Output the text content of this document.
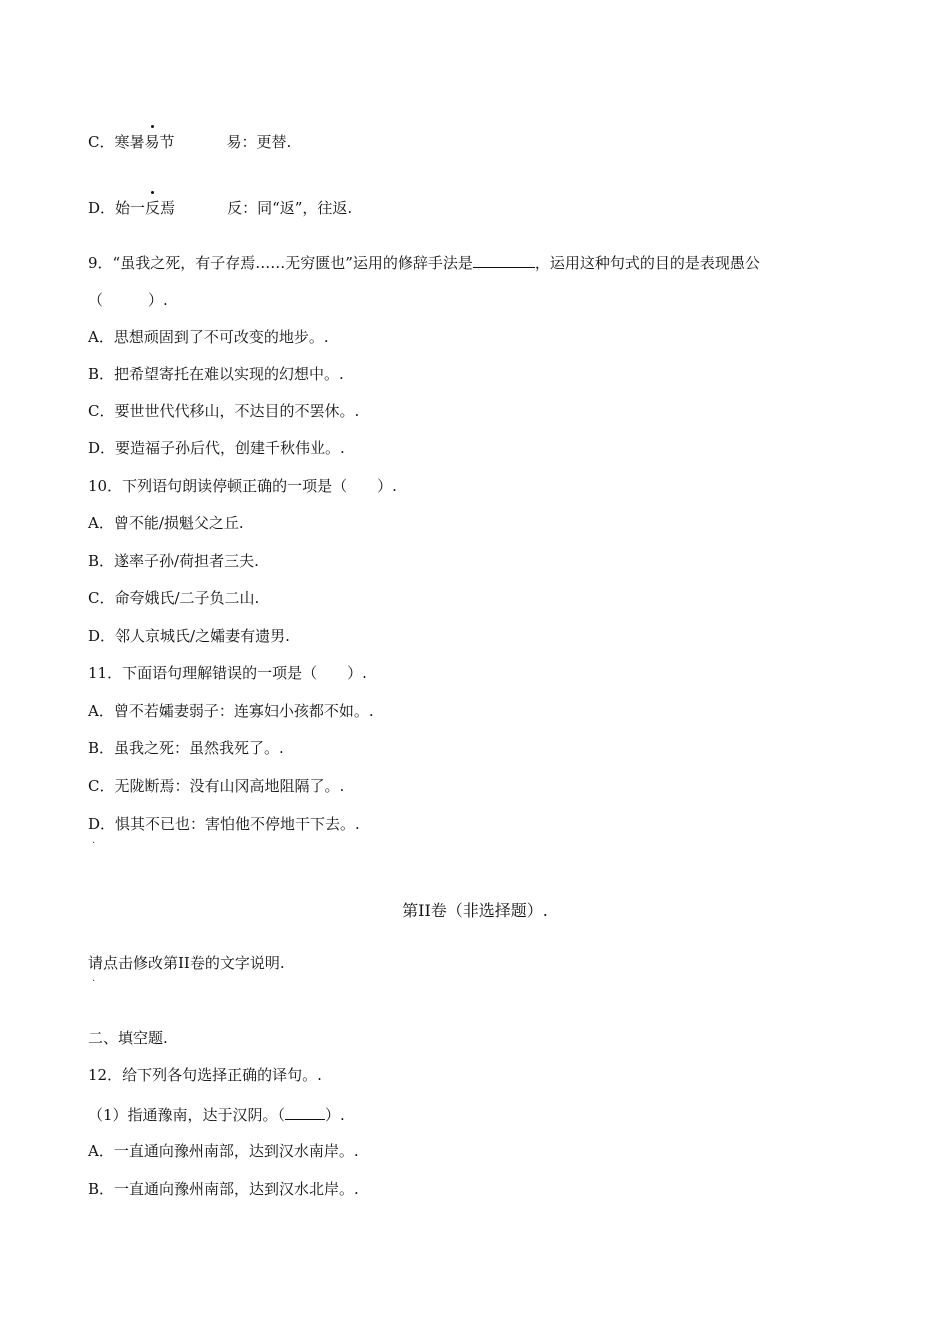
C．寒暑易节	易：更替.
D．始一反焉	反：同“返”，往返.
9．“虽我之死，有子存焉……无穷匮也”运用的修辞手法是	，运用这种句式的目的是表现愚公
（　　　）.
A．思想顽固到了不可改变的地步。.
B．把希望寄托在难以实现的幻想中。.
C．要世世代代移山，不达目的不罢休。.
D．要造福子孙后代，创建千秋伟业。.
10．下列语句朗读停顿正确的一项是（　　）.
A．曾不能/损魁父之丘.
B．遂率子孙/荷担者三夫.
C．命夸娥氏/二子负二山.
D．邻人京城氏/之孀妻有遗男.
11．下面语句理解错误的一项是（　　）.
A．曾不若孀妻弱子：连寡妇小孩都不如。.
B．虽我之死：虽然我死了。.
C．无陇断焉：没有山冈高地阻隔了。.
D．惧其不已也：害怕他不停地干下去。.
·
第II卷（非选择题）.
请点击修改第II卷的文字说明.
·
二、填空题.
12．给下列各句选择正确的译句。.
（1）指通豫南，达于汉阴。（	）.
A．一直通向豫州南部，达到汉水南岸。.
B．一直通向豫州南部，达到汉水北岸。.
